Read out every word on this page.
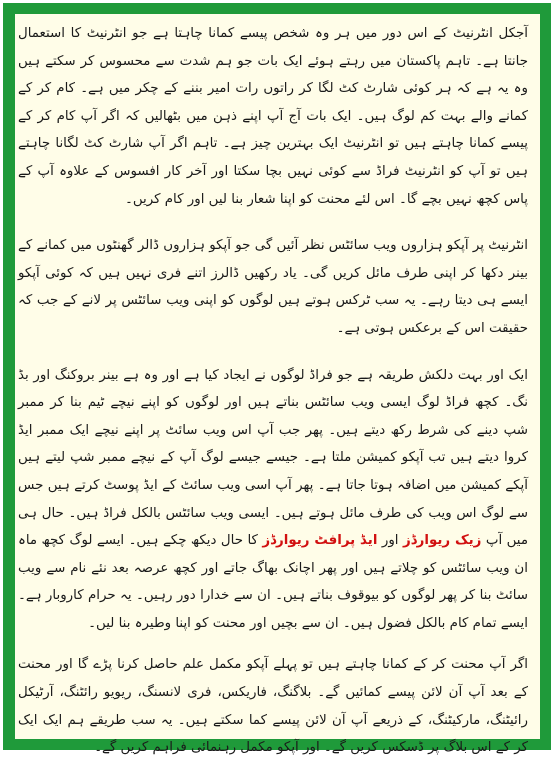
آجکل انٹرنیٹ کے اس دور میں ہر وہ شخص پیسے کمانا چاہتا ہے جو انٹرنیٹ کا استعمال جانتا ہے۔ تاہم پاکستان میں رہتے ہوئے ایک بات جو ہم شدت سے محسوس کر سکتے ہیں وہ یہ ہے کہ ہر کوئی شارٹ کٹ لگا کر راتوں رات امیر بننے کے چکر میں ہے۔ کام کر کے کمانے والے بہت کم لوگ ہیں۔ ایک بات آج آپ اپنے ذہن میں بٹھالیں کہ اگر آپ کام کر کے پیسے کمانا چاہتے ہیں تو انٹرنیٹ ایک بہترین چیز ہے۔ تاہم اگر آپ شارٹ کٹ لگانا چاہتے ہیں تو آپ کو انٹرنیٹ فراڈ سے کوئی نہیں بچا سکتا اور آخر کار افسوس کے علاوہ آپ کے پاس کچھ نہیں بچے گا۔ اس لئے محنت کو اپنا شعار بنا لیں اور کام کریں۔

انٹرنیٹ پر آپکو ہزاروں ویب سائٹس نظر آئیں گی جو آپکو ہزاروں ڈالر گھنٹوں میں کمانے کے بینر دکھا کر اپنی طرف مائل کریں گی۔ یاد رکھیں ڈالرز اتنے فری نہیں ہیں کہ کوئی آپکو ایسے ہی دیتا رہے۔ یہ سب ٹرکس ہوتے ہیں لوگوں کو اپنی ویب سائٹس پر لانے کے جب کہ حقیقت اس کے برعکس ہوتی ہے۔

ایک اور بہت دلکش طریقہ ہے جو فراڈ لوگوں نے ایجاد کیا ہے اور وہ ہے بینر بروکنگ اور بڈ نگ۔ کچھ فراڈ لوگ ایسی ویب سائٹس بناتے ہیں اور لوگوں کو اپنے نیچے ٹیم بنا کر ممبر شپ دینے کی شرط رکھ دیتے ہیں۔ پھر جب آپ اس ویب سائٹ پر اپنے نیچے ایک ممبر ایڈ کروا دیتے ہیں تب آپکو کمیشن ملتا ہے۔ جیسے جیسے لوگ آپ کے نیچے ممبر شپ لیتے ہیں آپکے کمیشن میں اضافہ ہوتا جاتا ہے۔ پھر آپ اسی ویب سائٹ کے ایڈ پوسٹ کرتے ہیں جس سے لوگ اس ویب کی طرف مائل ہوتے ہیں۔ ایسی ویب سائٹس بالکل فراڈ ہیں۔ حال ہی میں آپ زیک ریوارڈز اور ایڈ پرافٹ ریوارڈز کا حال دیکھ چکے ہیں۔ ایسے لوگ کچھ ماہ ان ویب سائٹس کو چلاتے ہیں اور پھر اچانک بھاگ جاتے اور کچھ عرصہ بعد نئے نام سے ویب سائٹ بنا کر پھر لوگوں کو بیوقوف بناتے ہیں۔ ان سے خدارا دور رہیں۔ یہ حرام کاروبار ہے۔ ایسے تمام کام بالکل فضول ہیں۔ ان سے بچیں اور محنت کو اپنا وطیرہ بنا لیں۔

اگر آپ محنت کر کے کمانا چاہتے ہیں تو پہلے آپکو مکمل علم حاصل کرنا پڑے گا اور محنت کے بعد آپ آن لائن پیسے کمائیں گے۔ بلاگنگ، فاریکس، فری لانسنگ، ریویو رائٹنگ، آرٹیکل رائیٹنگ، مارکیٹنگ، کے ذریعے آپ آن لائن پیسے کما سکتے ہیں۔ یہ سب طریقے ہم ایک ایک کر کے اس بلاگ پر ڈسکس کریں گے۔ اور آپکو مکمل رہنمائی فراہم کریں گے۔
